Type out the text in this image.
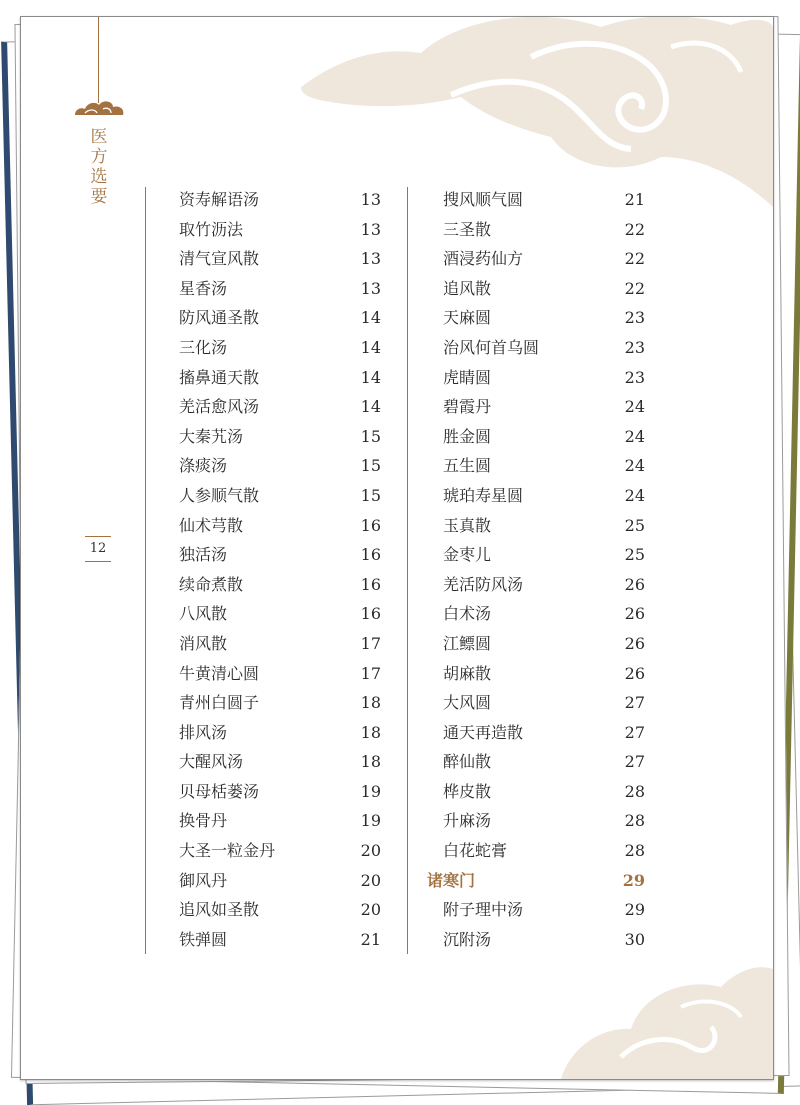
医方选要
12
资寿解语汤	13
取竹沥法	13
清气宣风散	13
星香汤	13
防风通圣散	14
三化汤	14
搐鼻通天散	14
羌活愈风汤	14
大秦艽汤	15
涤痰汤	15
人参顺气散	15
仙术芎散	16
独活汤	16
续命煮散	16
八风散	16
消风散	17
牛黄清心圆	17
青州白圆子	18
排风汤	18
大醒风汤	18
贝母栝蒌汤	19
换骨丹	19
大圣一粒金丹	20
御风丹	20
追风如圣散	20
铁弹圆	21
搜风顺气圆	21
三圣散	22
酒浸药仙方	22
追风散	22
天麻圆	23
治风何首乌圆	23
虎睛圆	23
碧霞丹	24
胜金圆	24
五生圆	24
琥珀寿星圆	24
玉真散	25
金枣儿	25
羌活防风汤	26
白术汤	26
江鳔圆	26
胡麻散	26
大风圆	27
通天再造散	27
醉仙散	27
桦皮散	28
升麻汤	28
白花蛇膏	28
诸寒门	29
附子理中汤	29
沉附汤	30
